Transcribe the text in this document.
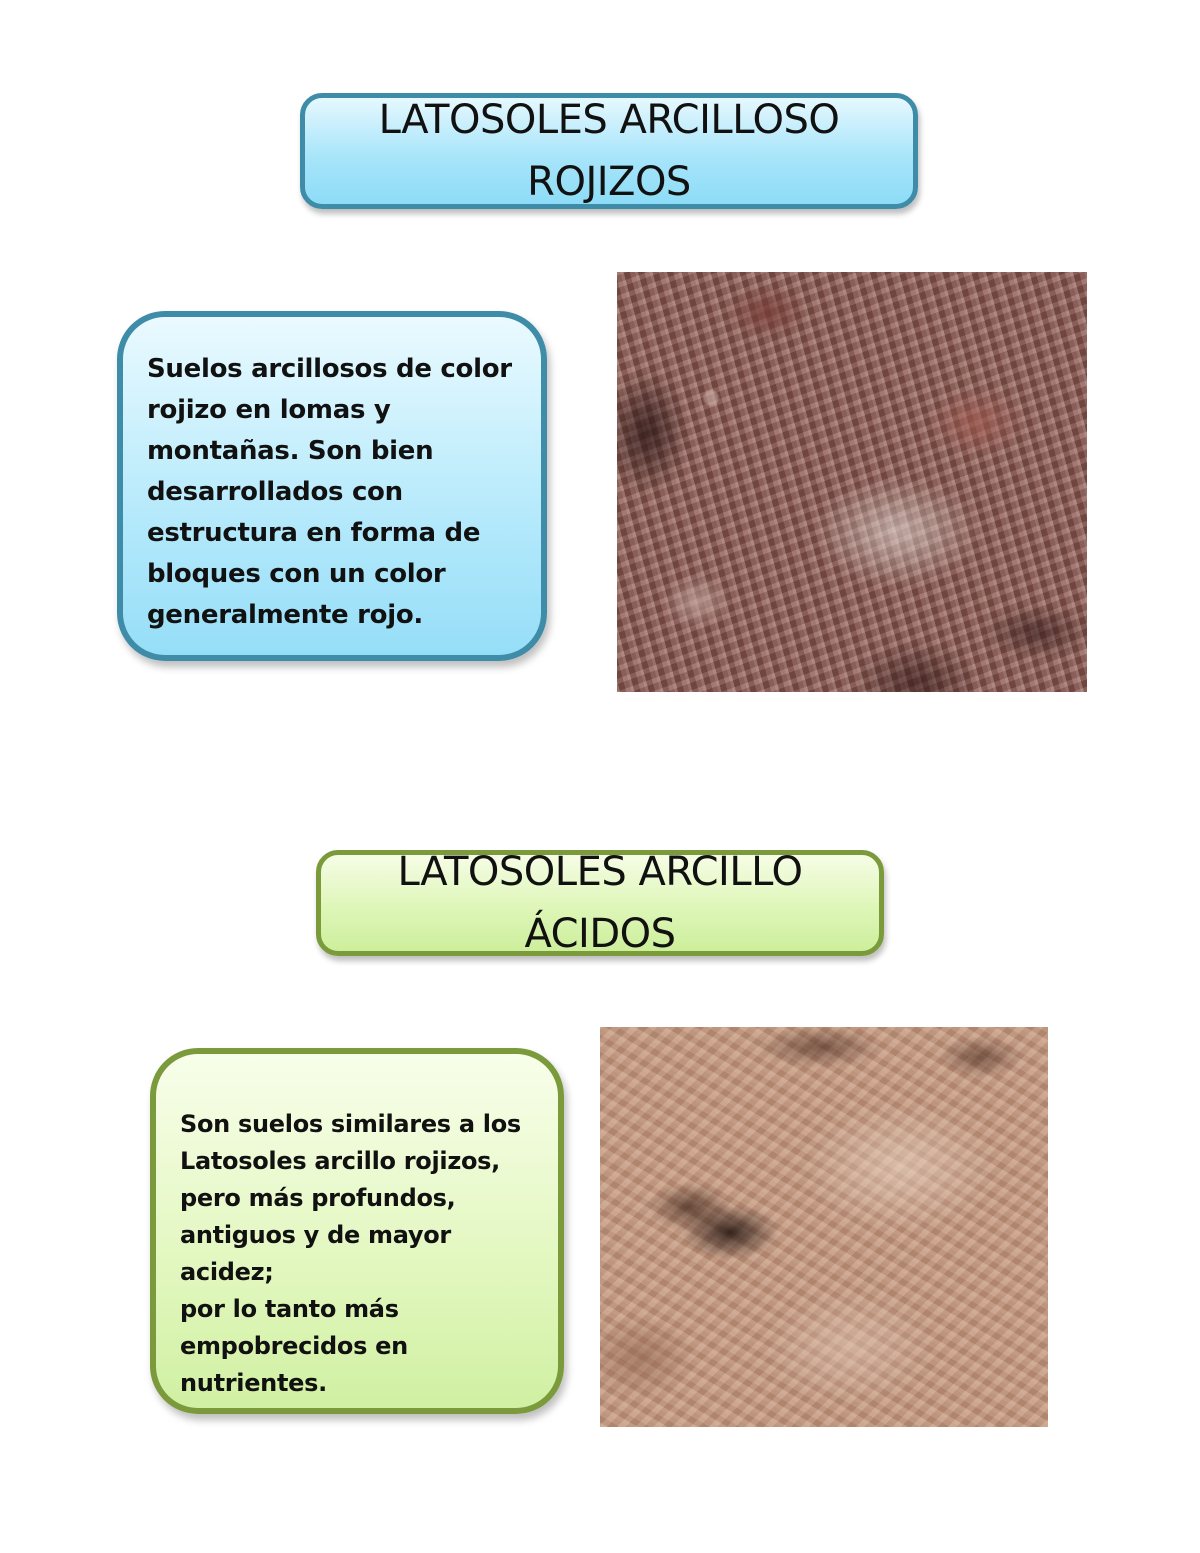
LATOSOLES ARCILLOSO
ROJIZOS
Suelos arcillosos de color
rojizo en lomas y
montañas. Son bien
desarrollados con
estructura en forma de
bloques con un color
generalmente rojo.
LATOSOLES ARCILLO ÁCIDOS
Son suelos similares a los
Latosoles arcillo rojizos,
pero más profundos,
antiguos y de mayor acidez;
por lo tanto más
empobrecidos en
nutrientes.
